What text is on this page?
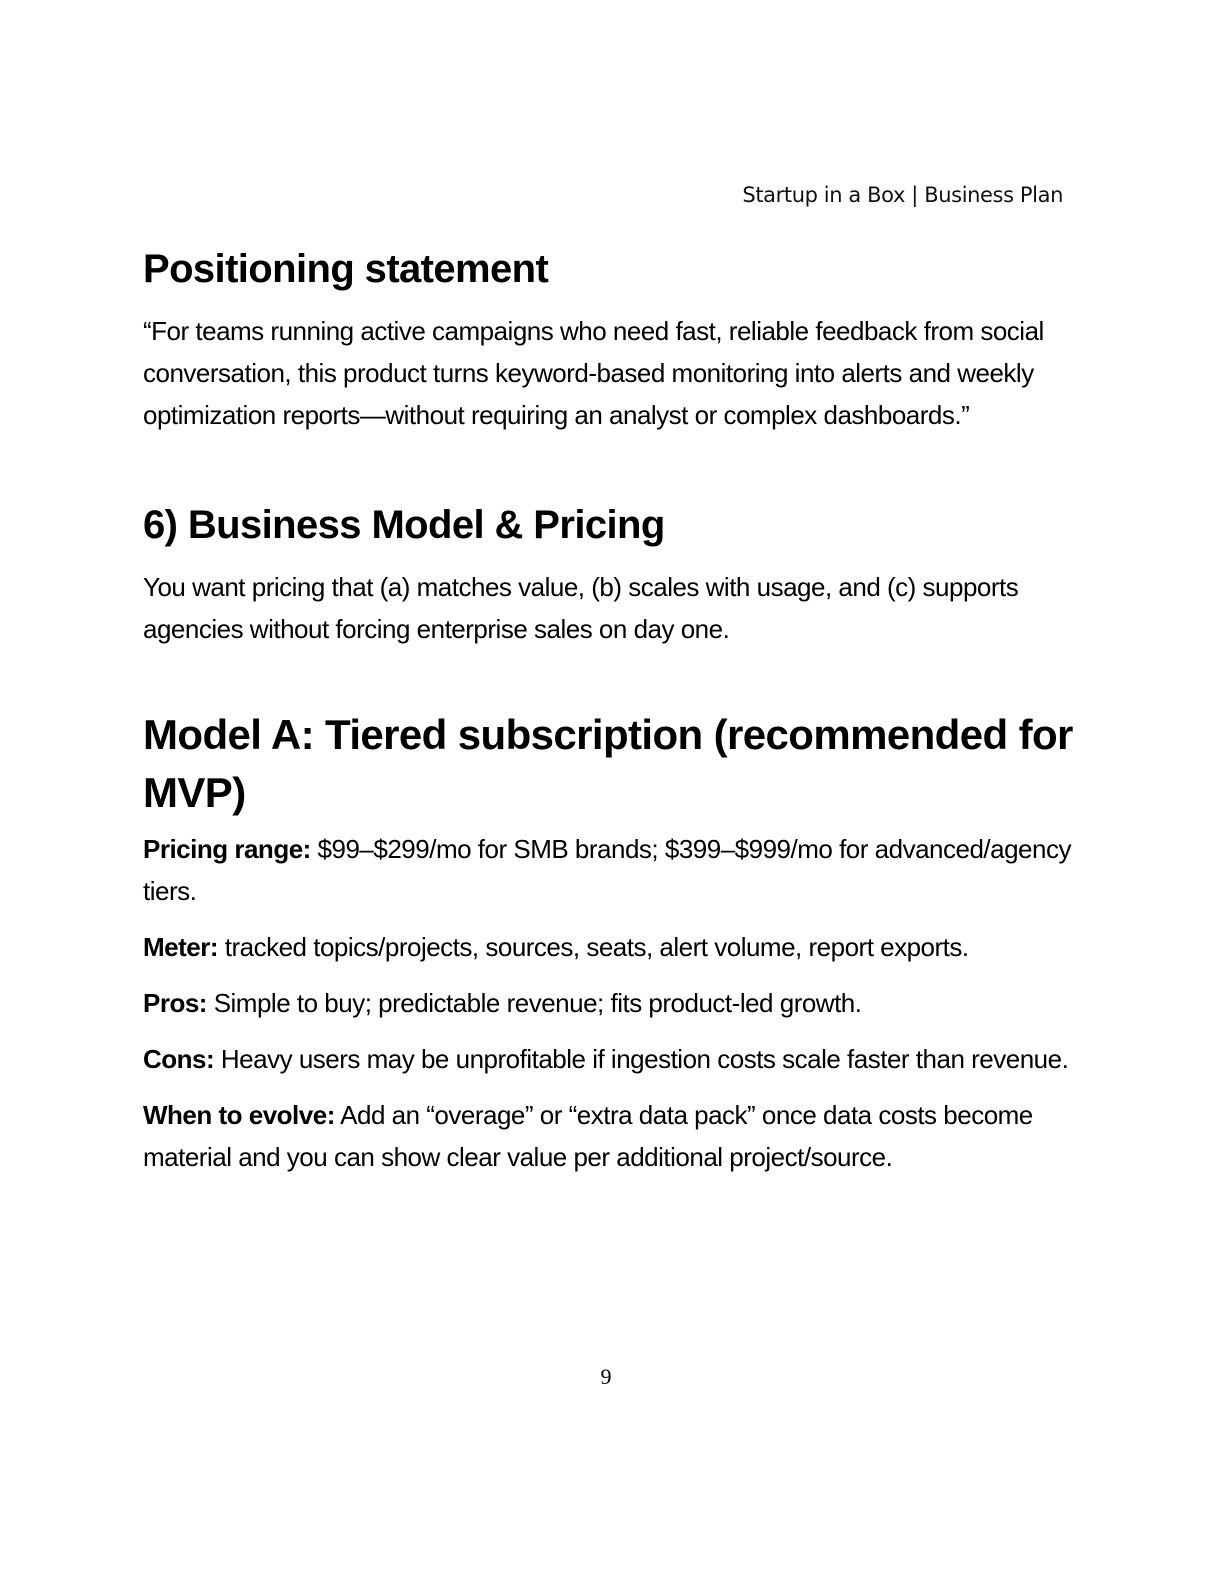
Startup in a Box | Business Plan
Positioning statement

“For teams running active campaigns who need fast, reliable feedback from social conversation, this product turns keyword-based monitoring into alerts and weekly optimization reports—without requiring an analyst or complex dashboards.”

6) Business Model & Pricing

You want pricing that (a) matches value, (b) scales with usage, and (c) supports agencies without forcing enterprise sales on day one.

Model A: Tiered subscription (recommended for MVP)

Pricing range: $99–$299/mo for SMB brands; $399–$999/mo for advanced/agency tiers.

Meter: tracked topics/projects, sources, seats, alert volume, report exports.

Pros: Simple to buy; predictable revenue; fits product-led growth.

Cons: Heavy users may be unprofitable if ingestion costs scale faster than revenue.

When to evolve: Add an “overage” or “extra data pack” once data costs become material and you can show clear value per additional project/source.

9
